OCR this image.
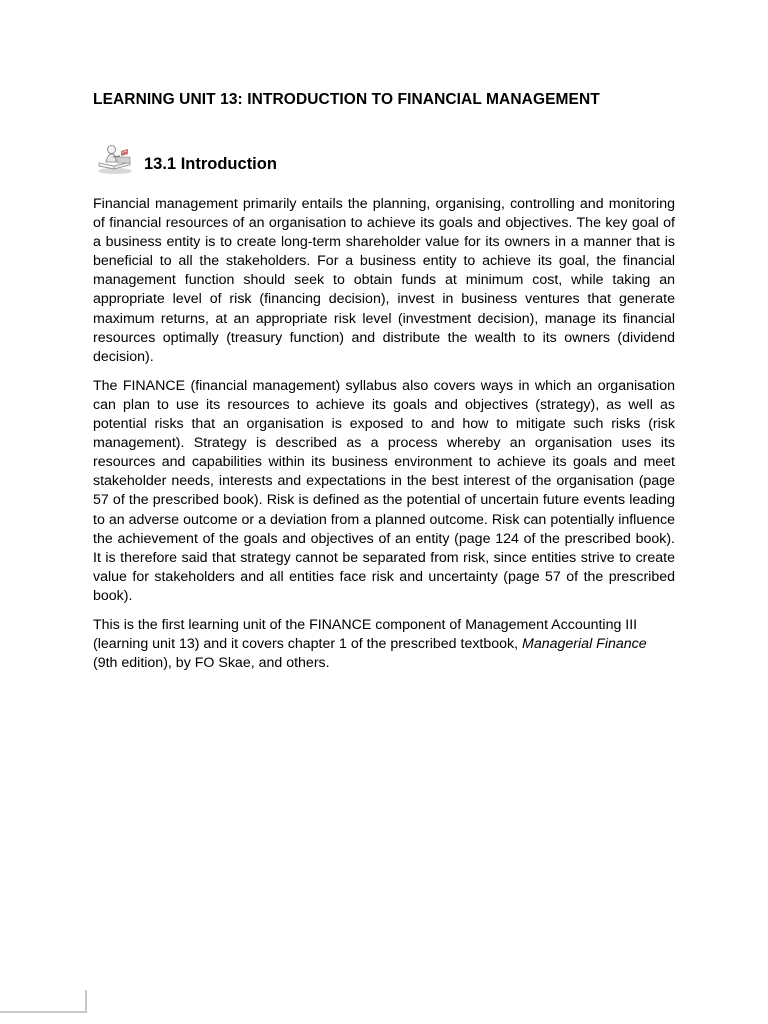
LEARNING UNIT 13: INTRODUCTION TO FINANCIAL MANAGEMENT
13.1 Introduction

Financial management primarily entails the planning, organising, controlling and monitoring of financial resources of an organisation to achieve its goals and objectives. The key goal of a business entity is to create long-term shareholder value for its owners in a manner that is beneficial to all the stakeholders. For a business entity to achieve its goal, the financial management function should seek to obtain funds at minimum cost, while taking an appropriate level of risk (financing decision), invest in business ventures that generate maximum returns, at an appropriate risk level (investment decision), manage its financial resources optimally (treasury function) and distribute the wealth to its owners (dividend decision).

The FINANCE (financial management) syllabus also covers ways in which an organisation can plan to use its resources to achieve its goals and objectives (strategy), as well as potential risks that an organisation is exposed to and how to mitigate such risks (risk management). Strategy is described as a process whereby an organisation uses its resources and capabilities within its business environment to achieve its goals and meet stakeholder needs, interests and expectations in the best interest of the organisation (page 57 of the prescribed book). Risk is defined as the potential of uncertain future events leading to an adverse outcome or a deviation from a planned outcome. Risk can potentially influence the achievement of the goals and objectives of an entity (page 124 of the prescribed book). It is therefore said that strategy cannot be separated from risk, since entities strive to create value for stakeholders and all entities face risk and uncertainty (page 57 of the prescribed book).

This is the first learning unit of the FINANCE component of Management Accounting III (learning unit 13) and it covers chapter 1 of the prescribed textbook, Managerial Finance (9th edition), by FO Skae, and others.
